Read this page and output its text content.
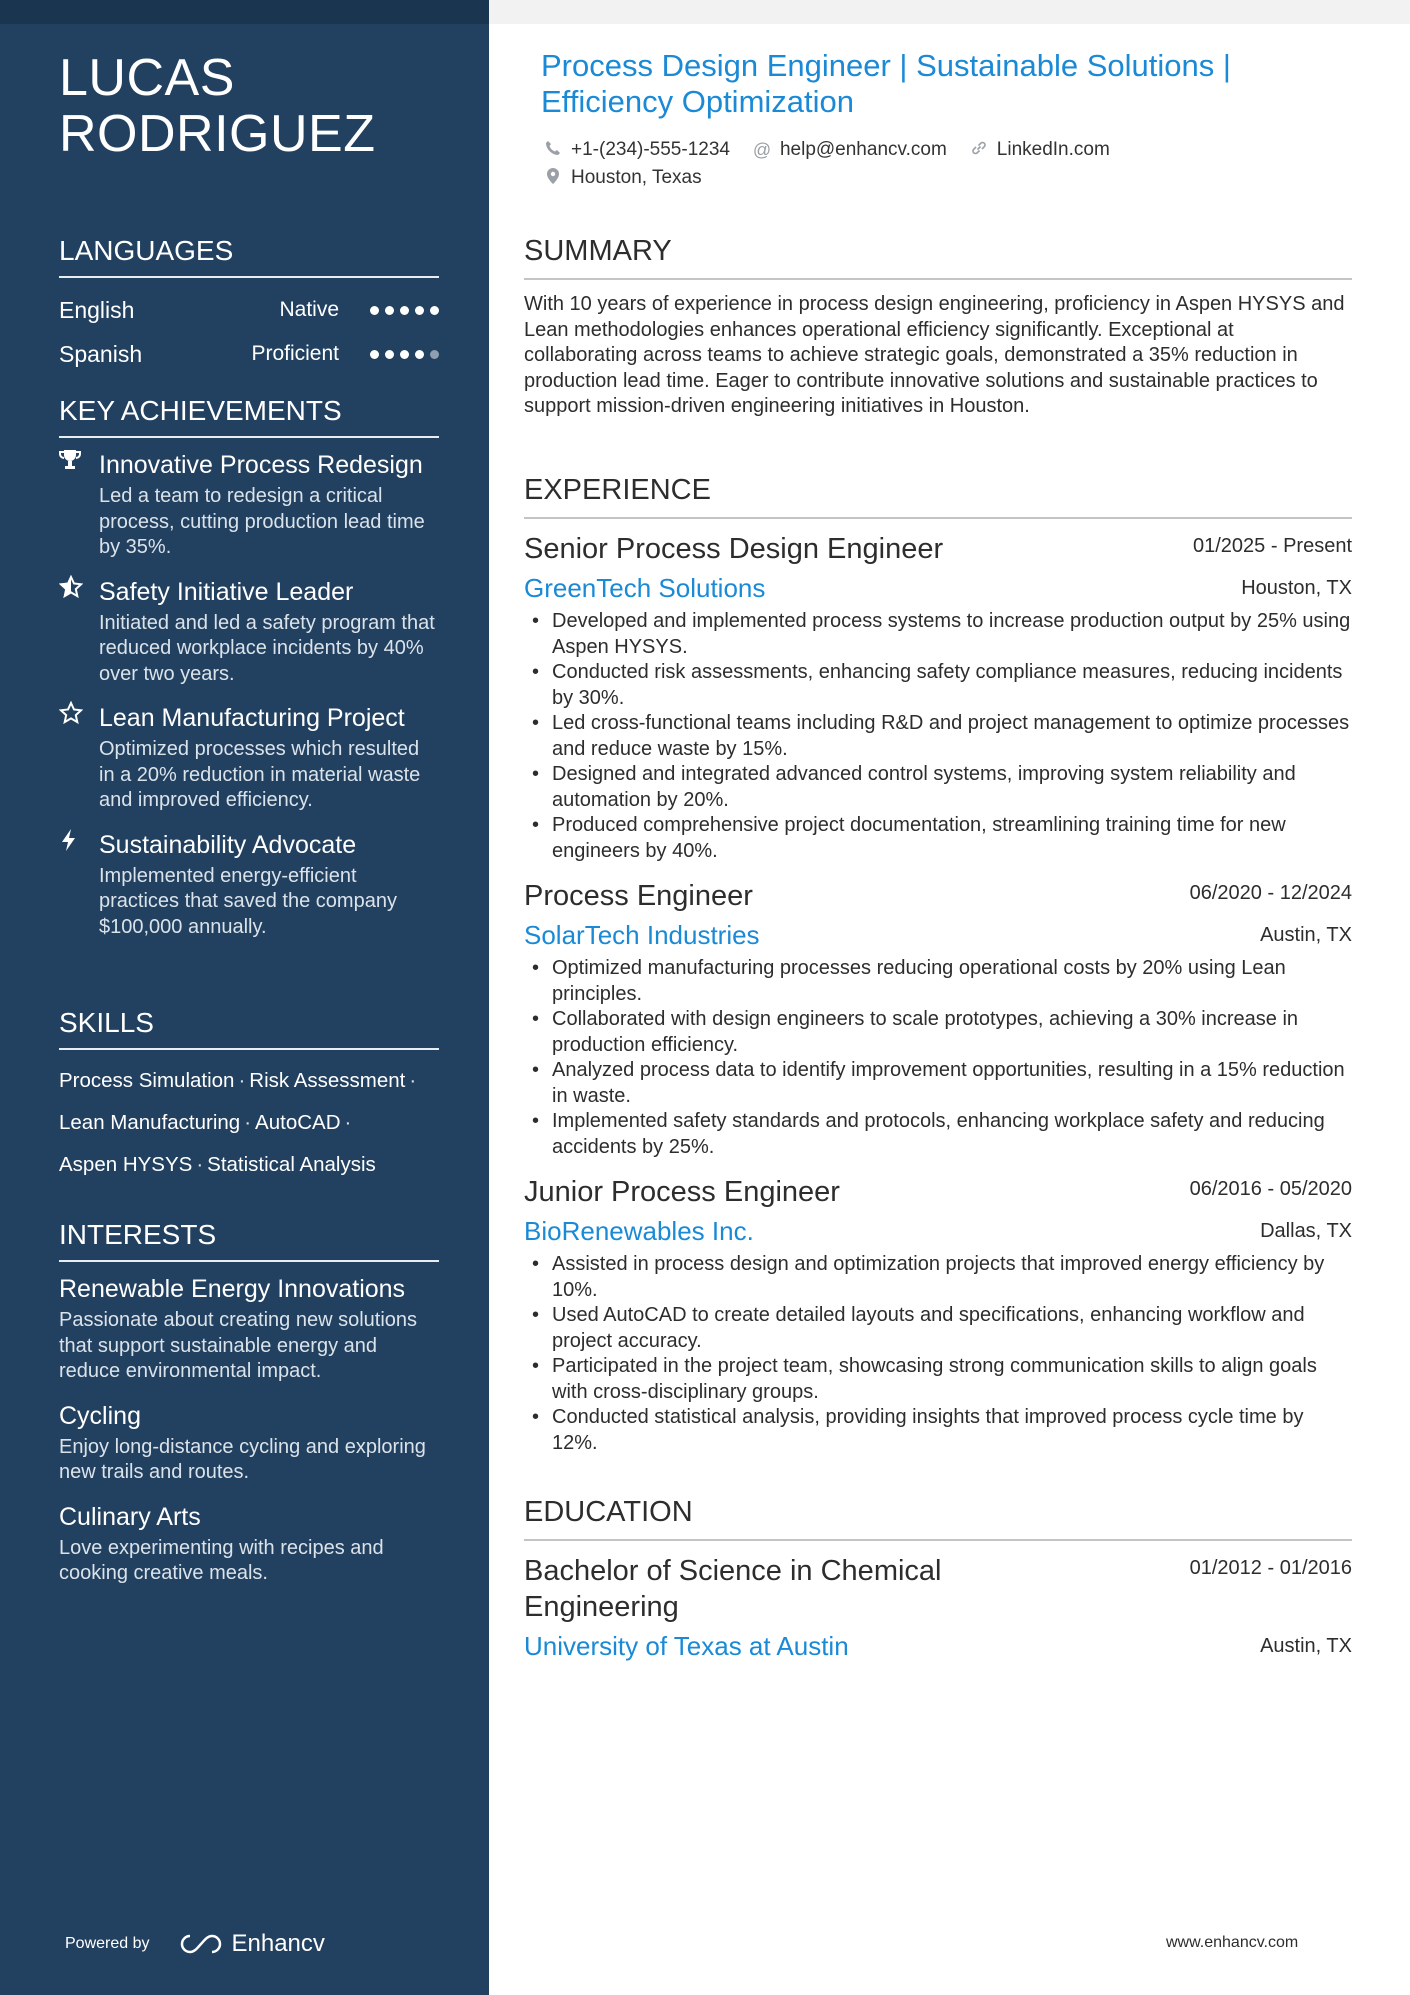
LUCAS
RODRIGUEZ
LANGUAGES
English	Native
Spanish	Proficient
KEY ACHIEVEMENTS
Innovative Process Redesign
Led a team to redesign a critical process, cutting production lead time by 35%.
Safety Initiative Leader
Initiated and led a safety program that reduced workplace incidents by 40% over two years.
Lean Manufacturing Project
Optimized processes which resulted in a 20% reduction in material waste and improved efficiency.
Sustainability Advocate
Implemented energy-efficient practices that saved the company $100,000 annually.
SKILLS
Process Simulation · Risk Assessment ·
Lean Manufacturing · AutoCAD ·
Aspen HYSYS · Statistical Analysis
INTERESTS
Renewable Energy Innovations
Passionate about creating new solutions that support sustainable energy and reduce environmental impact.
Cycling
Enjoy long-distance cycling and exploring new trails and routes.
Culinary Arts
Love experimenting with recipes and cooking creative meals.
Powered by	Enhancv
Process Design Engineer | Sustainable Solutions | Efficiency Optimization
+1-(234)-555-1234 @ help@enhancv.com	LinkedIn.com
Houston, Texas
SUMMARY
With 10 years of experience in process design engineering, proficiency in Aspen HYSYS and Lean methodologies enhances operational efficiency significantly. Exceptional at collaborating across teams to achieve strategic goals, demonstrated a 35% reduction in production lead time. Eager to contribute innovative solutions and sustainable practices to support mission-driven engineering initiatives in Houston.
EXPERIENCE
Senior Process Design Engineer	01/2025 - Present
GreenTech Solutions	Houston, TX
• Developed and implemented process systems to increase production output by 25% using Aspen HYSYS.
• Conducted risk assessments, enhancing safety compliance measures, reducing incidents by 30%.
• Led cross-functional teams including R&D and project management to optimize processes and reduce waste by 15%.
• Designed and integrated advanced control systems, improving system reliability and automation by 20%.
• Produced comprehensive project documentation, streamlining training time for new engineers by 40%.
Process Engineer	06/2020 - 12/2024
SolarTech Industries	Austin, TX
• Optimized manufacturing processes reducing operational costs by 20% using Lean principles.
• Collaborated with design engineers to scale prototypes, achieving a 30% increase in production efficiency.
• Analyzed process data to identify improvement opportunities, resulting in a 15% reduction in waste.
• Implemented safety standards and protocols, enhancing workplace safety and reducing accidents by 25%.
Junior Process Engineer	06/2016 - 05/2020
BioRenewables Inc.	Dallas, TX
• Assisted in process design and optimization projects that improved energy efficiency by 10%.
• Used AutoCAD to create detailed layouts and specifications, enhancing workflow and project accuracy.
• Participated in the project team, showcasing strong communication skills to align goals with cross-disciplinary groups.
• Conducted statistical analysis, providing insights that improved process cycle time by 12%.
EDUCATION
Bachelor of Science in Chemical Engineering
01/2012 - 01/2016
University of Texas at Austin	Austin, TX
www.enhancv.com
